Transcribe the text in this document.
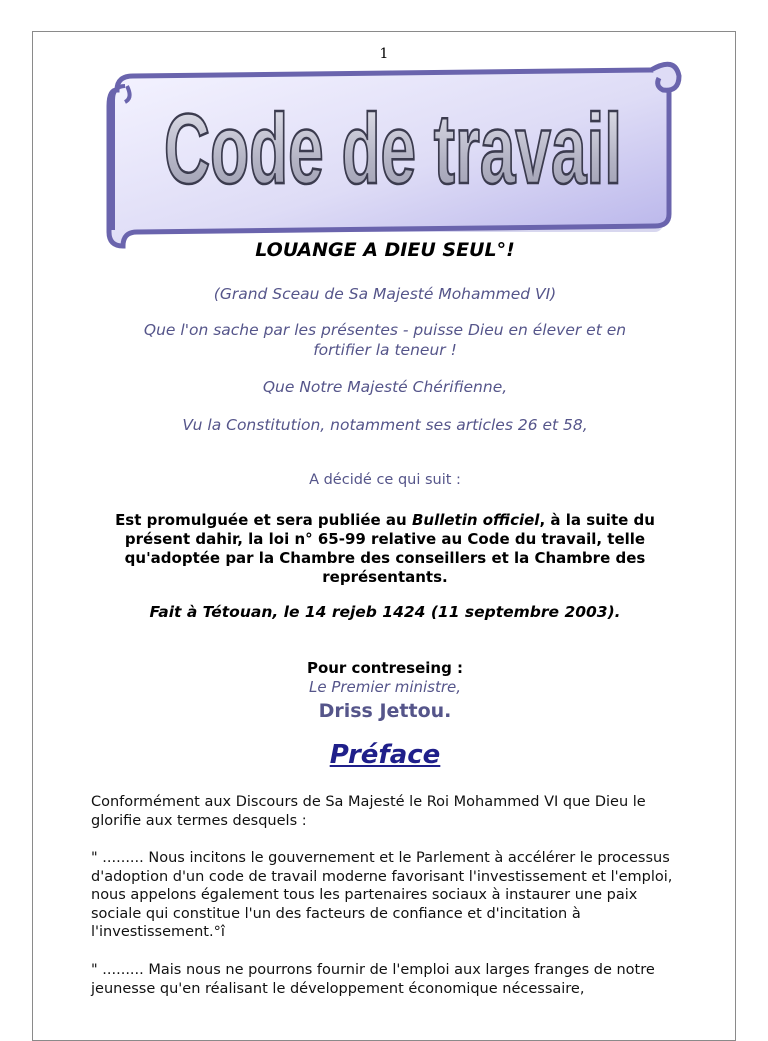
1
Code de travail
LOUANGE A DIEU SEUL°!
(Grand Sceau de Sa Majesté Mohammed VI)
Que l'on sache par les présentes - puisse Dieu en élever et en
fortifier la teneur !
Que Notre Majesté Chérifienne,
Vu la Constitution, notamment ses articles 26 et 58,
A décidé ce qui suit :
Est promulguée et sera publiée au Bulletin officiel, à la suite du présent dahir, la loi n° 65-99 relative au Code du travail, telle qu'adoptée par la Chambre des conseillers et la Chambre des représentants.
Fait à Tétouan, le 14 rejeb 1424 (11 septembre 2003).
Pour contreseing :
Le Premier ministre,
Driss Jettou.
Préface
Conformément aux Discours de Sa Majesté le Roi Mohammed VI que Dieu le glorifie aux termes desquels :
" ......... Nous incitons le gouvernement et le Parlement à accélérer le processus d'adoption d'un code de travail moderne favorisant l'investissement et l'emploi, nous appelons également tous les partenaires sociaux à instaurer une paix sociale qui constitue l'un des facteurs de confiance et d'incitation à l'investissement.°î
" ......... Mais nous ne pourrons fournir de l'emploi aux larges franges de notre jeunesse qu'en réalisant le développement économique nécessaire,
